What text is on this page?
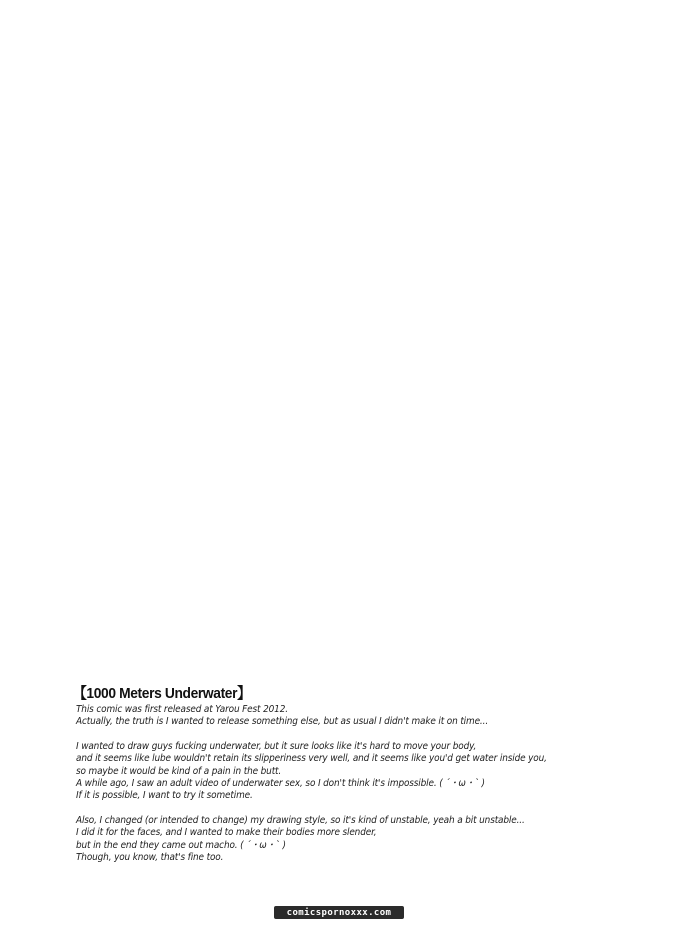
【1000 Meters Underwater】
This comic was first released at Yarou Fest 2012.
Actually, the truth is I wanted to release something else, but as usual I didn't make it on time...
I wanted to draw guys fucking underwater, but it sure looks like it's hard to move your body,
and it seems like lube wouldn't retain its slipperiness very well, and it seems like you'd get water inside you,
so maybe it would be kind of a pain in the butt.
A while ago, I saw an adult video of underwater sex, so I don't think it's impossible. ( ´・ω・` )
If it is possible, I want to try it sometime.
Also, I changed (or intended to change) my drawing style, so it's kind of unstable, yeah a bit unstable...
I did it for the faces, and I wanted to make their bodies more slender,
but in the end they came out macho. ( ´・ω・` )
Though, you know, that's fine too.
comicspornoxxx.com
